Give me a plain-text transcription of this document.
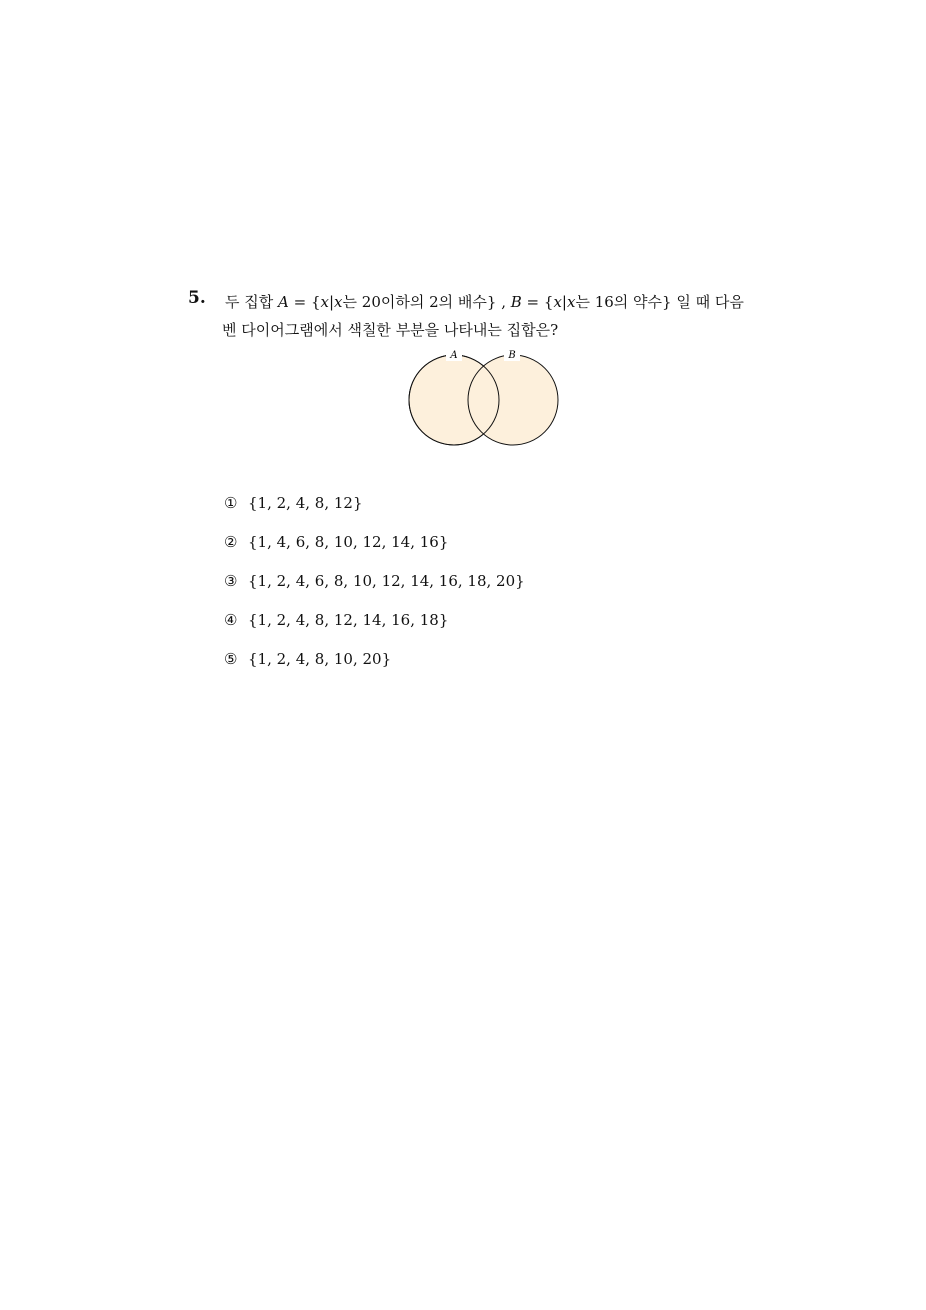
5. 두 집합 A = {x|x는 20이하의 2의 배수} , B = {x|x는 16의 약수} 일 때 다음
벤 다이어그램에서 색칠한 부분을 나타내는 집합은?
A	B
① {1, 2, 4, 8, 12}
② {1, 4, 6, 8, 10, 12, 14, 16}
③ {1, 2, 4, 6, 8, 10, 12, 14, 16, 18, 20}
④ {1, 2, 4, 8, 12, 14, 16, 18}
⑤ {1, 2, 4, 8, 10, 20}
